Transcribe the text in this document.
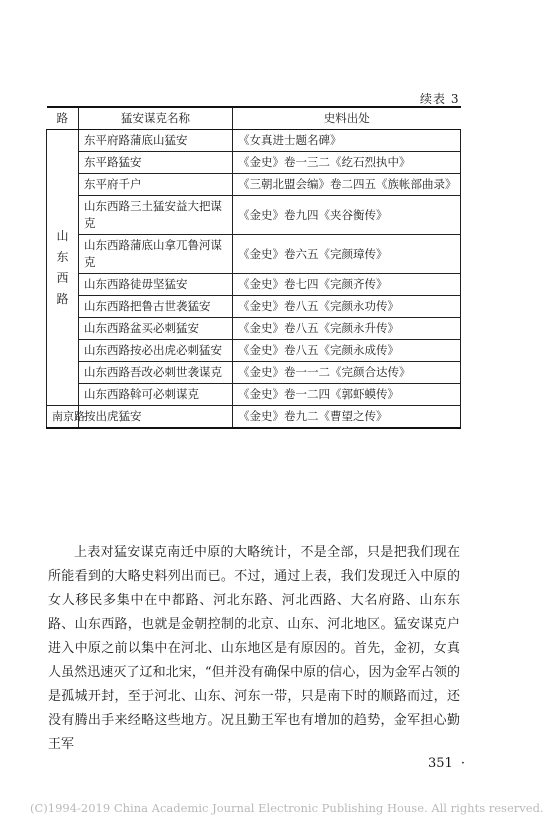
续表 3
路	猛安谋克名称	史料出处
山东西路	东平府路蒲底山猛安	《女真进士题名碑》
	东平路猛安	《金史》卷一三二《纥石烈执中》
	东平府千户	《三朝北盟会编》卷二四五《族帐部曲录》
	山东西路三土猛安益大把谋克	《金史》卷九四《夹谷衡传》
	山东西路蒲底山拿兀鲁河谋克	《金史》卷六五《完颜璋传》
	山东西路徒毋坚猛安	《金史》卷七四《完颜齐传》
	山东西路把鲁古世袭猛安	《金史》卷八五《完颜永功传》
	山东西路盆买必刺猛安	《金史》卷八五《完颜永升传》
	山东西路按必出虎必刺猛安	《金史》卷八五《完颜永成传》
	山东西路吾改必刺世袭谋克	《金史》卷一一二《完颜合达传》
	山东西路斡可必刺谋克	《金史》卷一二四《郭虾蟆传》
南京路	按出虎猛安	《金史》卷九二《曹望之传》

上表对猛安谋克南迁中原的大略统计，不是全部，只是把我们现在所能看到的大略史料列出而已。不过，通过上表，我们发现迁入中原的女人移民多集中在中都路、河北东路、河北西路、大名府路、山东东路、山东西路，也就是金朝控制的北京、山东、河北地区。猛安谋克户进入中原之前以集中在河北、山东地区是有原因的。首先，金初，女真人虽然迅速灭了辽和北宋，“但并没有确保中原的信心，因为金军占领的是孤城开封，至于河北、山东、河东一带，只是南下时的顺路而过，还没有腾出手来经略这些地方。况且勤王军也有增加的趋势，金军担心勤王军

351 ·
(C)1994-2019 China Academic Journal Electronic Publishing House. All rights reserved.
